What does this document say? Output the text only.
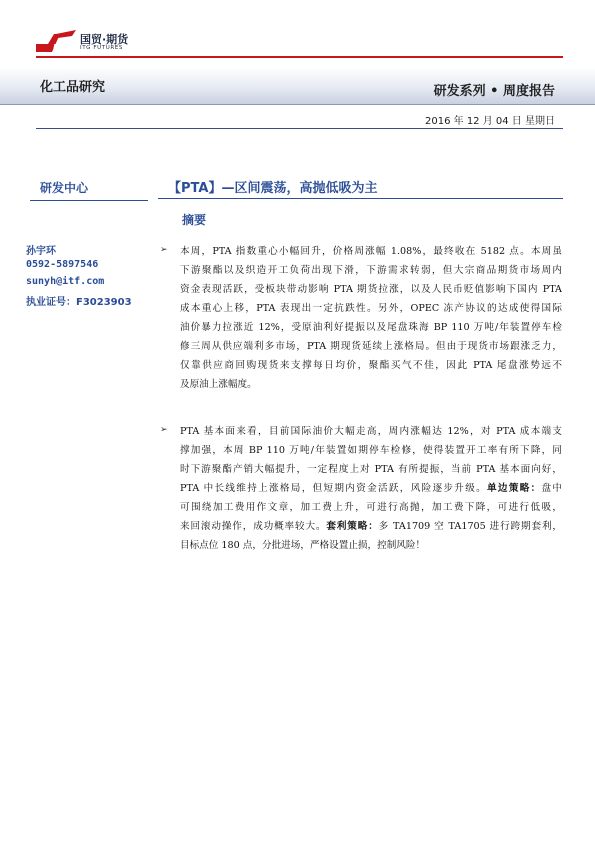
ITG
国贸·期货
ITG FUTURES
化工品研究	研发系列 • 周度报告
2016 年 12 月 04 日 星期日
研发中心
孙宇环
0592-5897546
sunyh@itf.com
执业证号：F3023903
【PTA】—区间震荡，高抛低吸为主
摘要
➢ 本周，PTA 指数重心小幅回升，价格周涨幅 1.08%，最终收在 5182 点。本周虽
下游聚酯以及织造开工负荷出现下滑，下游需求转弱，但大宗商品期货市场周内
资金表现活跃，受板块带动影响 PTA 期货拉涨，以及人民币贬值影响下国内 PTA
成本重心上移，PTA 表现出一定抗跌性。另外，OPEC 冻产协议的达成使得国际
油价暴力拉涨近 12%，受原油利好提振以及尾盘珠海 BP 110 万吨/年装置停车检
修三周从供应端利多市场，PTA 期现货延续上涨格局。但由于现货市场跟涨乏力，
仅靠供应商回购现货来支撑每日均价，聚酯买气不佳，因此 PTA 尾盘涨势远不
及原油上涨幅度。
➢ PTA 基本面来看，目前国际油价大幅走高，周内涨幅达 12%，对 PTA 成本端支
撑加强，本周 BP 110 万吨/年装置如期停车检修，使得装置开工率有所下降，同
时下游聚酯产销大幅提升，一定程度上对 PTA 有所提振，当前 PTA 基本面向好，
PTA 中长线维持上涨格局，但短期内资金活跃，风险逐步升级。单边策略：盘中
可围绕加工费用作文章，加工费上升，可进行高抛，加工费下降，可进行低吸，
来回滚动操作，成功概率较大。套利策略：多 TA1709 空 TA1705 进行跨期套利，
目标点位 180 点，分批进场，严格设置止损，控制风险！
